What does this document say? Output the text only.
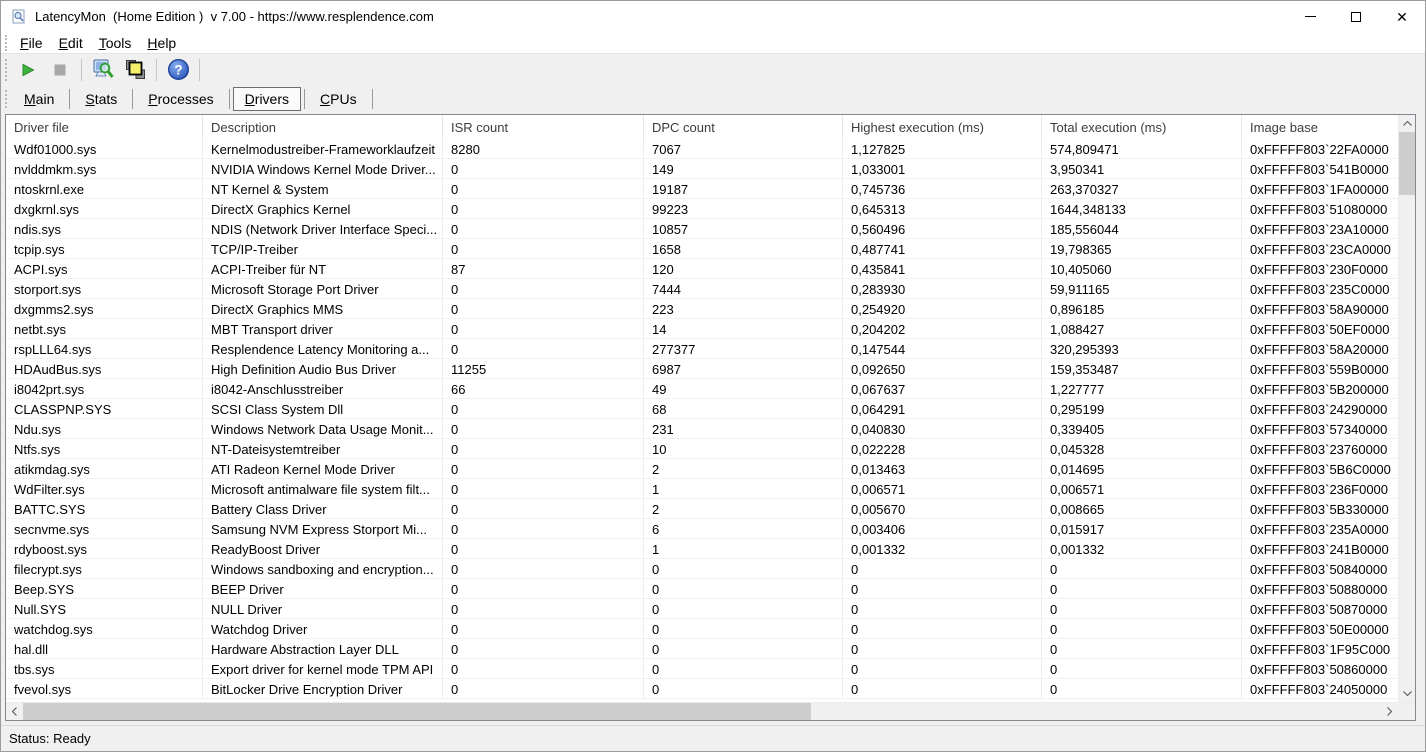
LatencyMon  (Home Edition )  v 7.00 - https://www.resplendence.com	✕
File	Edit	Tools	Help
?
Main	Stats	Processes	Drivers	CPUs
Driver file	Description	ISR count	DPC count	Highest execution (ms)	Total execution (ms)	Image base
Wdf01000.sys	Kernelmodustreiber-Frameworklaufzeit	8280	7067	1,127825	574,809471	0xFFFFF803`22FA0000
nvlddmkm.sys	NVIDIA Windows Kernel Mode Driver...	0	149	1,033001	3,950341	0xFFFFF803`541B0000
ntoskrnl.exe	NT Kernel & System	0	19187	0,745736	263,370327	0xFFFFF803`1FA00000
dxgkrnl.sys	DirectX Graphics Kernel	0	99223	0,645313	1644,348133	0xFFFFF803`51080000
ndis.sys	NDIS (Network Driver Interface Speci...	0	10857	0,560496	185,556044	0xFFFFF803`23A10000
tcpip.sys	TCP/IP-Treiber	0	1658	0,487741	19,798365	0xFFFFF803`23CA0000
ACPI.sys	ACPI-Treiber für NT	87	120	0,435841	10,405060	0xFFFFF803`230F0000
storport.sys	Microsoft Storage Port Driver	0	7444	0,283930	59,911165	0xFFFFF803`235C0000
dxgmms2.sys	DirectX Graphics MMS	0	223	0,254920	0,896185	0xFFFFF803`58A90000
netbt.sys	MBT Transport driver	0	14	0,204202	1,088427	0xFFFFF803`50EF0000
rspLLL64.sys	Resplendence Latency Monitoring a...	0	277377	0,147544	320,295393	0xFFFFF803`58A20000
HDAudBus.sys	High Definition Audio Bus Driver	11255	6987	0,092650	159,353487	0xFFFFF803`559B0000
i8042prt.sys	i8042-Anschlusstreiber	66	49	0,067637	1,227777	0xFFFFF803`5B200000
CLASSPNP.SYS	SCSI Class System Dll	0	68	0,064291	0,295199	0xFFFFF803`24290000
Ndu.sys	Windows Network Data Usage Monit...	0	231	0,040830	0,339405	0xFFFFF803`57340000
Ntfs.sys	NT-Dateisystemtreiber	0	10	0,022228	0,045328	0xFFFFF803`23760000
atikmdag.sys	ATI Radeon Kernel Mode Driver	0	2	0,013463	0,014695	0xFFFFF803`5B6C0000
WdFilter.sys	Microsoft antimalware file system filt...	0	1	0,006571	0,006571	0xFFFFF803`236F0000
BATTC.SYS	Battery Class Driver	0	2	0,005670	0,008665	0xFFFFF803`5B330000
secnvme.sys	Samsung NVM Express Storport Mi...	0	6	0,003406	0,015917	0xFFFFF803`235A0000
rdyboost.sys	ReadyBoost Driver	0	1	0,001332	0,001332	0xFFFFF803`241B0000
filecrypt.sys	Windows sandboxing and encryption...	0	0	0	0	0xFFFFF803`50840000
Beep.SYS	BEEP Driver	0	0	0	0	0xFFFFF803`50880000
Null.SYS	NULL Driver	0	0	0	0	0xFFFFF803`50870000
watchdog.sys	Watchdog Driver	0	0	0	0	0xFFFFF803`50E00000
hal.dll	Hardware Abstraction Layer DLL	0	0	0	0	0xFFFFF803`1F95C000
tbs.sys	Export driver for kernel mode TPM API	0	0	0	0	0xFFFFF803`50860000
fvevol.sys	BitLocker Drive Encryption Driver	0	0	0	0	0xFFFFF803`24050000
Status: Ready
